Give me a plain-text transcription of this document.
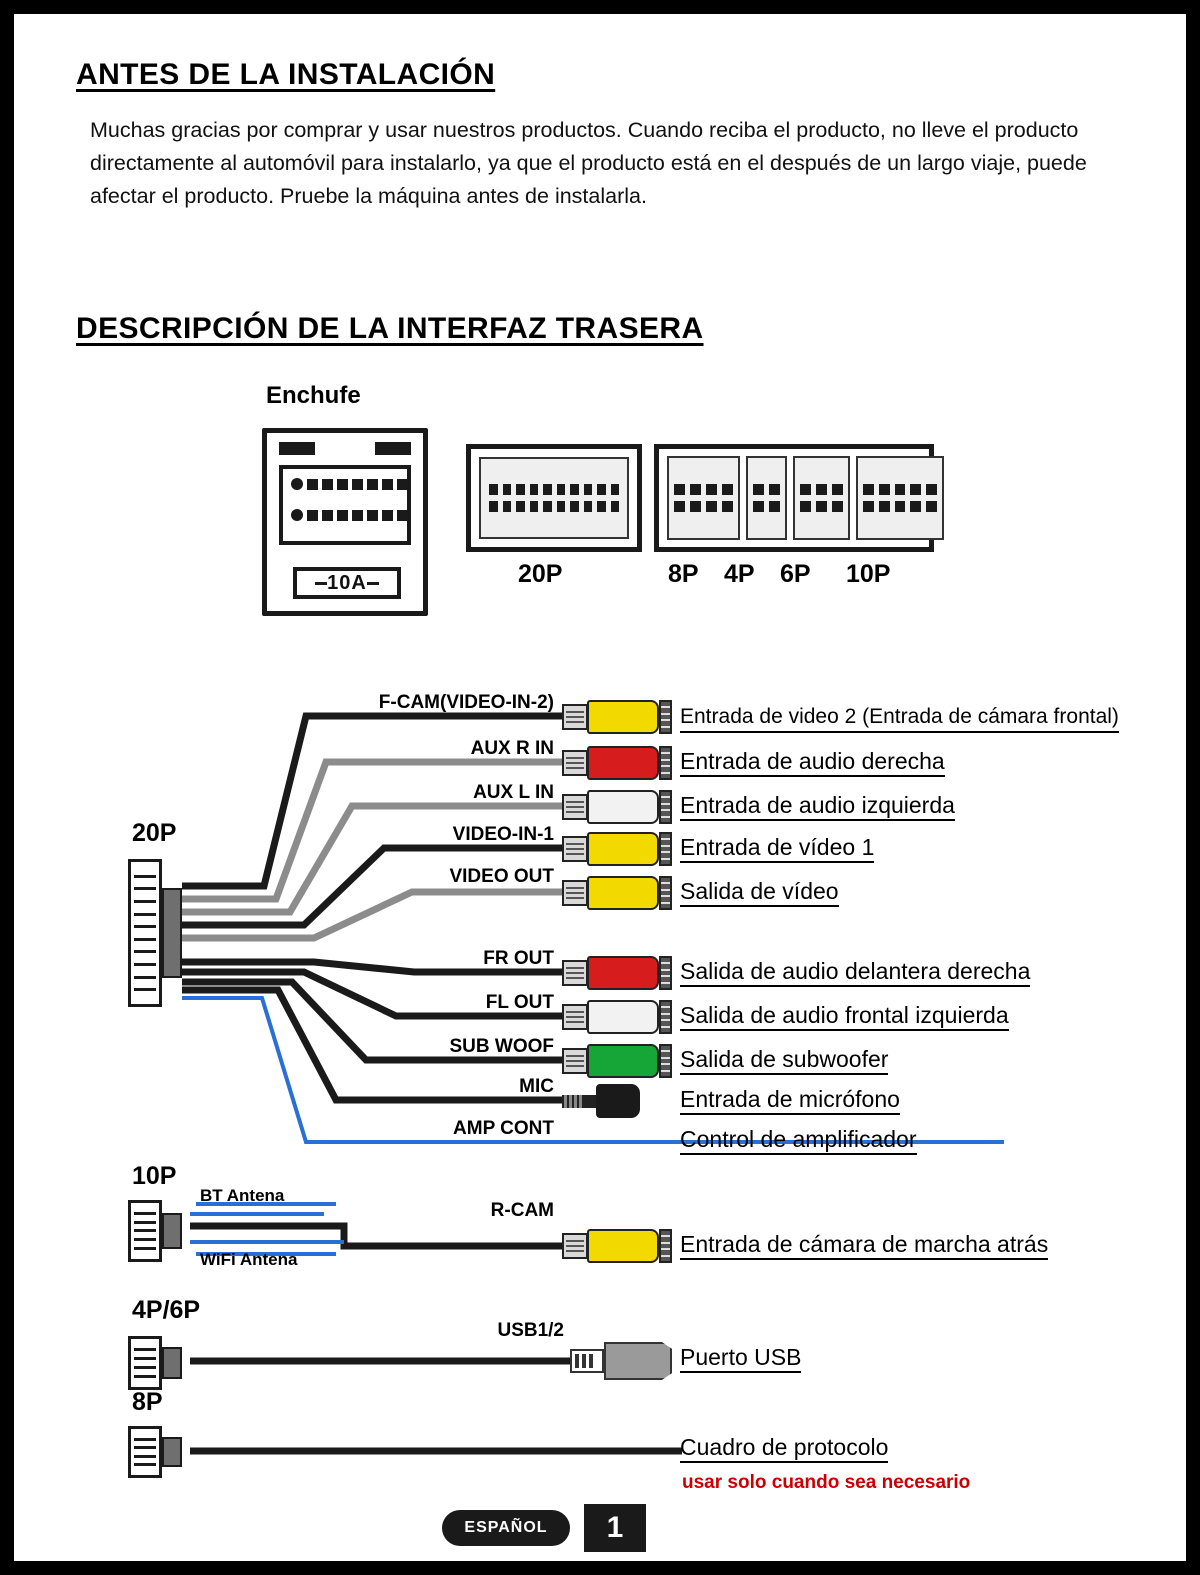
ANTES DE LA INSTALACIÓN
Muchas gracias por comprar y usar nuestros productos. Cuando reciba el producto, no lleve el producto directamente al automóvil para instalarlo, ya que el producto está en el después de un largo viaje, puede afectar el producto. Pruebe la máquina antes de instalarla.
DESCRIPCIÓN DE LA INTERFAZ TRASERA
Enchufe
10A	20P	8P 4P 6P 10P
20P
F-CAM(VIDEO-IN-2)
AUX R IN
AUX L IN
VIDEO-IN-1
VIDEO OUT
FR OUT
FL OUT
SUB WOOF
MIC
AMP CONT
Entrada de video 2 (Entrada de cámara frontal)
Entrada de audio derecha
Entrada de audio izquierda
Entrada de vídeo 1
Salida de vídeo
Salida de audio delantera derecha
Salida de audio frontal izquierda
Salida de subwoofer
Entrada de micrófono
Control de amplificador
10P
BT Antena
WiFi Antena
R-CAM
Entrada de cámara de marcha atrás
4P/6P
USB1/2
Puerto USB
8P
Cuadro de protocolo
usar solo cuando sea necesario
ESPAÑOL	1
